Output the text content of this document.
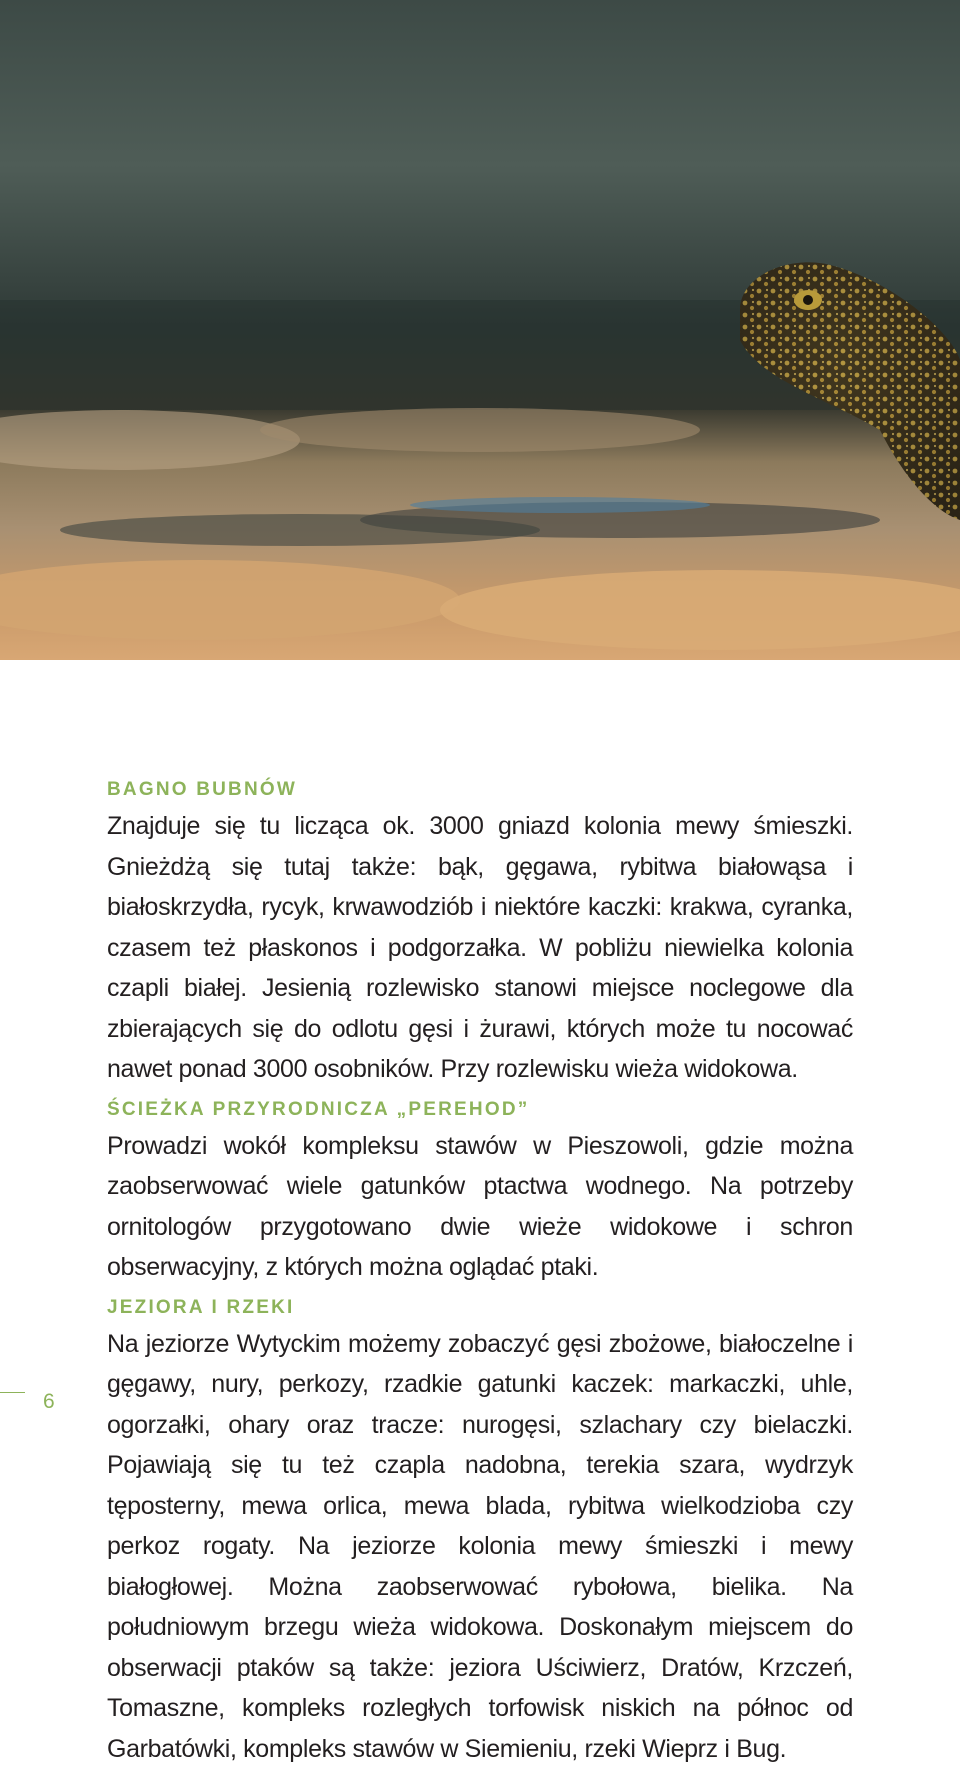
6
BAGNO BUBNÓW

Znajduje się tu licząca ok. 3000 gniazd kolonia mewy śmieszki. Gnieżdżą się tutaj także: bąk, gęgawa, rybitwa białowąsa i białoskrzydła, rycyk, krwawodziób i niektóre kaczki: krakwa, cyranka, czasem też płaskonos i podgorzałka. W pobliżu niewielka kolonia czapli białej. Jesienią rozlewisko stanowi miejsce noclegowe dla zbierających się do odlotu gęsi i żurawi, których może tu nocować nawet ponad 3000 osobników. Przy rozlewisku wieża widokowa.

ŚCIEŻKA PRZYRODNICZA „PEREHOD”

Prowadzi wokół kompleksu stawów w Pieszowoli, gdzie można zaobserwować wiele gatunków ptactwa wodnego. Na potrzeby ornitologów przygotowano dwie wieże widokowe i schron obserwacyjny, z których można oglądać ptaki.

JEZIORA I RZEKI

Na jeziorze Wytyckim możemy zobaczyć gęsi zbożowe, białoczelne i gęgawy, nury, perkozy, rzadkie gatunki kaczek: markaczki, uhle, ogorzałki, ohary oraz tracze: nurogęsi, szlachary czy bielaczki. Pojawiają się tu też czapla nadobna, terekia szara, wydrzyk tęposterny, mewa orlica, mewa blada, rybitwa wielkodzioba czy perkoz rogaty. Na jeziorze kolonia mewy śmieszki i mewy białogłowej. Można zaobserwować rybołowa, bielika. Na południowym brzegu wieża widokowa. Doskonałym miejscem do obserwacji ptaków są także: jeziora Uściwierz, Dratów, Krzczeń, Tomaszne, kompleks rozległych torfowisk niskich na północ od Garbatówki, kompleks stawów w Siemieniu, rzeki Wieprz i Bug.
